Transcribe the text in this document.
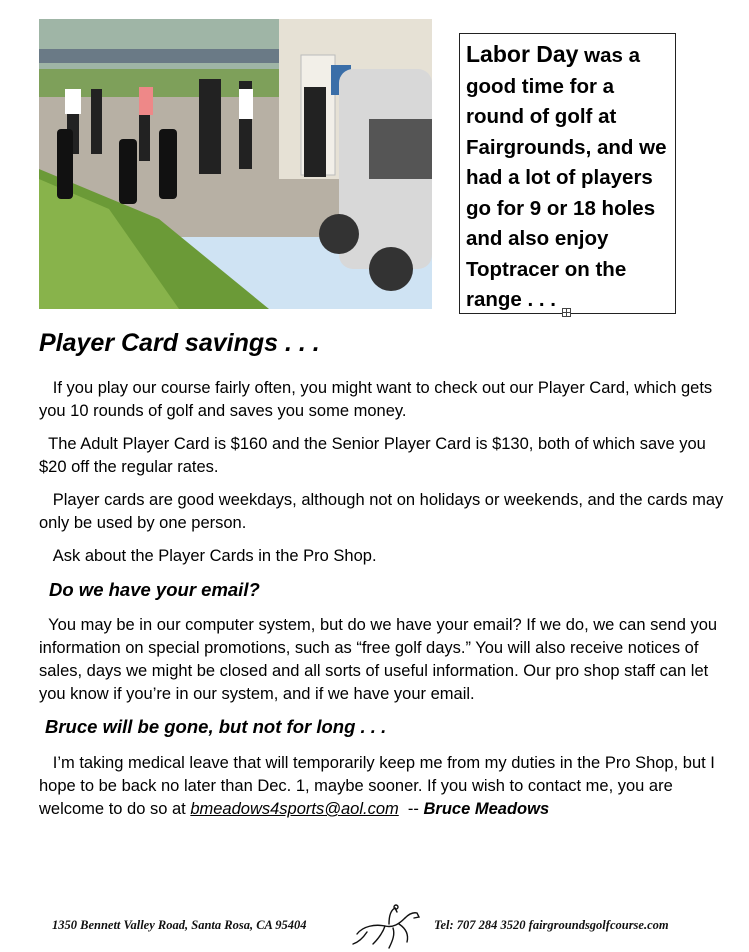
Labor Day was a good time for a round of golf at Fairgrounds, and we had a lot of players go for 9 or 18 holes and also enjoy Toptracer on the range . . .
Player Card savings . . .

If you play our course fairly often, you might want to check out our Player Card, which gets you 10 rounds of golf and saves you some money.

The Adult Player Card is $160 and the Senior Player Card is $130, both of which save you $20 off the regular rates.

Player cards are good weekdays, although not on holidays or weekends, and the cards may only be used by one person.

Ask about the Player Cards in the Pro Shop.

Do we have your email?

You may be in our computer system, but do we have your email? If we do, we can send you information on special promotions, such as “free golf days.” You will also receive notices of sales, days we might be closed and all sorts of useful information. Our pro shop staff can let you know if you’re in our system, and if we have your email.

Bruce will be gone, but not for long . . .

I’m taking medical leave that will temporarily keep me from my duties in the Pro Shop, but I hope to be back no later than Dec. 1, maybe sooner. If you wish to contact me, you are welcome to do so at bmeadows4sports@aol.com  -- Bruce Meadows

1350 Bennett Valley Road, Santa Rosa, CA 95404	Tel: 707 284 3520 fairgroundsgolfcourse.com
